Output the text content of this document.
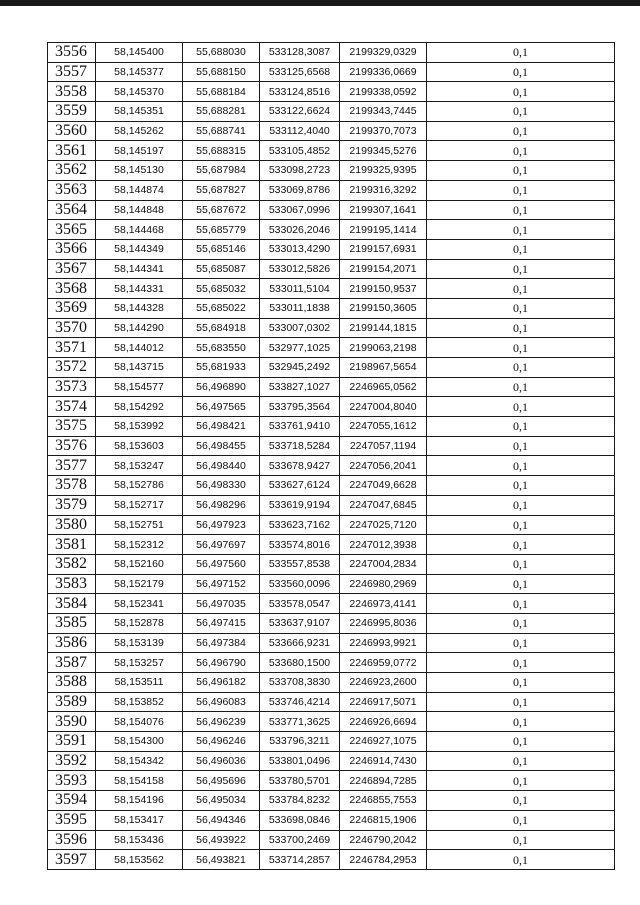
3556	58,145400	55,688030	533128,3087	2199329,0329	0,1
3557	58,145377	55,688150	533125,6568	2199336,0669	0,1
3558	58,145370	55,688184	533124,8516	2199338,0592	0,1
3559	58,145351	55,688281	533122,6624	2199343,7445	0,1
3560	58,145262	55,688741	533112,4040	2199370,7073	0,1
3561	58,145197	55,688315	533105,4852	2199345,5276	0,1
3562	58,145130	55,687984	533098,2723	2199325,9395	0,1
3563	58,144874	55,687827	533069,8786	2199316,3292	0,1
3564	58,144848	55,687672	533067,0996	2199307,1641	0,1
3565	58,144468	55,685779	533026,2046	2199195,1414	0,1
3566	58,144349	55,685146	533013,4290	2199157,6931	0,1
3567	58,144341	55,685087	533012,5826	2199154,2071	0,1
3568	58,144331	55,685032	533011,5104	2199150,9537	0,1
3569	58,144328	55,685022	533011,1838	2199150,3605	0,1
3570	58,144290	55,684918	533007,0302	2199144,1815	0,1
3571	58,144012	55,683550	532977,1025	2199063,2198	0,1
3572	58,143715	55,681933	532945,2492	2198967,5654	0,1
3573	58,154577	56,496890	533827,1027	2246965,0562	0,1
3574	58,154292	56,497565	533795,3564	2247004,8040	0,1
3575	58,153992	56,498421	533761,9410	2247055,1612	0,1
3576	58,153603	56,498455	533718,5284	2247057,1194	0,1
3577	58,153247	56,498440	533678,9427	2247056,2041	0,1
3578	58,152786	56,498330	533627,6124	2247049,6628	0,1
3579	58,152717	56,498296	533619,9194	2247047,6845	0,1
3580	58,152751	56,497923	533623,7162	2247025,7120	0,1
3581	58,152312	56,497697	533574,8016	2247012,3938	0,1
3582	58,152160	56,497560	533557,8538	2247004,2834	0,1
3583	58,152179	56,497152	533560,0096	2246980,2969	0,1
3584	58,152341	56,497035	533578,0547	2246973,4141	0,1
3585	58,152878	56,497415	533637,9107	2246995,8036	0,1
3586	58,153139	56,497384	533666,9231	2246993,9921	0,1
3587	58,153257	56,496790	533680,1500	2246959,0772	0,1
3588	58,153511	56,496182	533708,3830	2246923,2600	0,1
3589	58,153852	56,496083	533746,4214	2246917,5071	0,1
3590	58,154076	56,496239	533771,3625	2246926,6694	0,1
3591	58,154300	56,496246	533796,3211	2246927,1075	0,1
3592	58,154342	56,496036	533801,0496	2246914,7430	0,1
3593	58,154158	56,495696	533780,5701	2246894,7285	0,1
3594	58,154196	56,495034	533784,8232	2246855,7553	0,1
3595	58,153417	56,494346	533698,0846	2246815,1906	0,1
3596	58,153436	56,493922	533700,2469	2246790,2042	0,1
3597	58,153562	56,493821	533714,2857	2246784,2953	0,1
